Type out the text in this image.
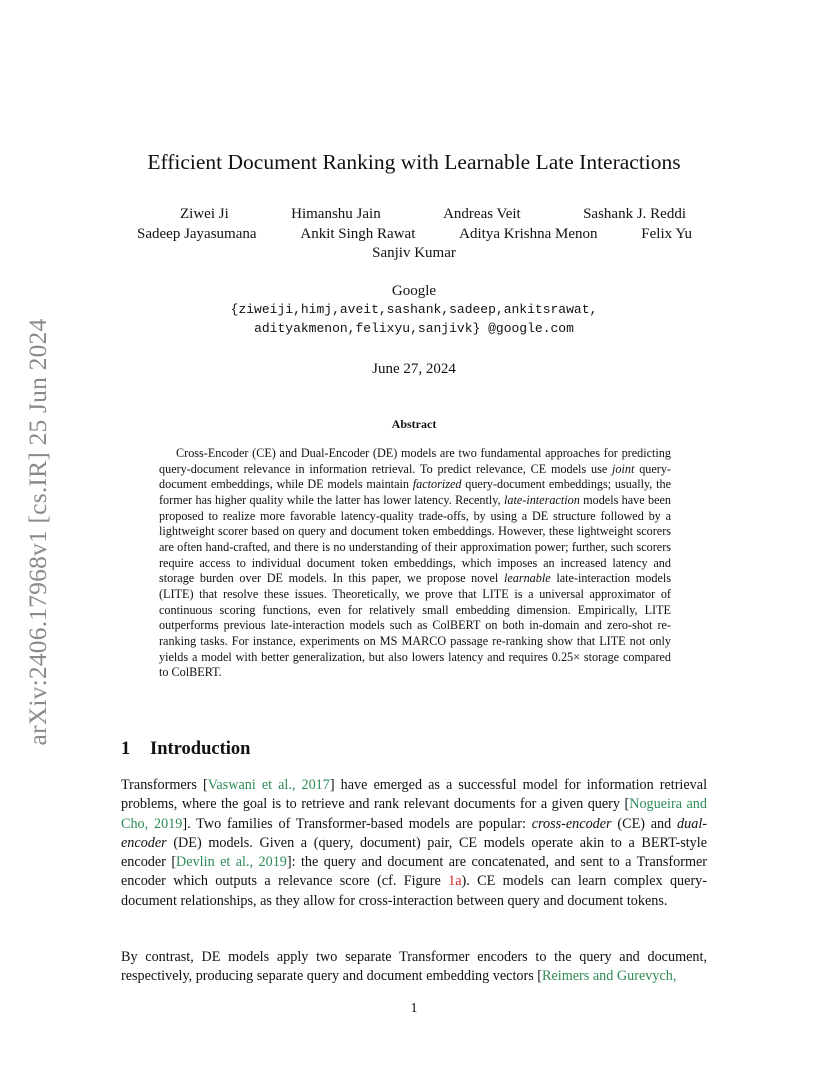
arXiv:2406.17968v1 [cs.IR] 25 Jun 2024
Efficient Document Ranking with Learnable Late Interactions
Ziwei Ji	Himanshu Jain	Andreas Veit	Sashank J. Reddi
Sadeep Jayasumana	Ankit Singh Rawat	Aditya Krishna Menon	Felix Yu
Sanjiv Kumar
Google
{ziweiji,himj,aveit,sashank,sadeep,ankitsrawat,
adityakmenon,felixyu,sanjivk} @google.com
June 27, 2024
Abstract
Cross-Encoder (CE) and Dual-Encoder (DE) models are two fundamental approaches for predicting query-document relevance in information retrieval. To predict relevance, CE models use joint query-document embeddings, while DE models maintain factorized query-document embeddings; usually, the former has higher quality while the latter has lower latency. Recently, late-interaction models have been proposed to realize more favorable latency-quality trade-offs, by using a DE structure followed by a lightweight scorer based on query and document token embeddings. However, these lightweight scorers are often hand-crafted, and there is no understanding of their approximation power; further, such scorers require access to individual document token embeddings, which imposes an increased latency and storage burden over DE models. In this paper, we propose novel learnable late-interaction models (LITE) that resolve these issues. Theoretically, we prove that LITE is a universal approximator of continuous scoring functions, even for relatively small embedding dimension. Empirically, LITE outperforms previous late-interaction models such as ColBERT on both in-domain and zero-shot re-ranking tasks. For instance, experiments on MS MARCO passage re-ranking show that LITE not only yields a model with better generalization, but also lowers latency and requires 0.25× storage compared to ColBERT.
1 Introduction
Transformers [Vaswani et al., 2017] have emerged as a successful model for information retrieval problems, where the goal is to retrieve and rank relevant documents for a given query [Nogueira and Cho, 2019]. Two families of Transformer-based models are popular: cross-encoder (CE) and dual-encoder (DE) models. Given a (query, document) pair, CE models operate akin to a BERT-style encoder [Devlin et al., 2019]: the query and document are concatenated, and sent to a Transformer encoder which outputs a relevance score (cf. Figure 1a). CE models can learn complex query-document relationships, as they allow for cross-interaction between query and document tokens.
By contrast, DE models apply two separate Transformer encoders to the query and document, respectively, producing separate query and document embedding vectors [Reimers and Gurevych,
1
